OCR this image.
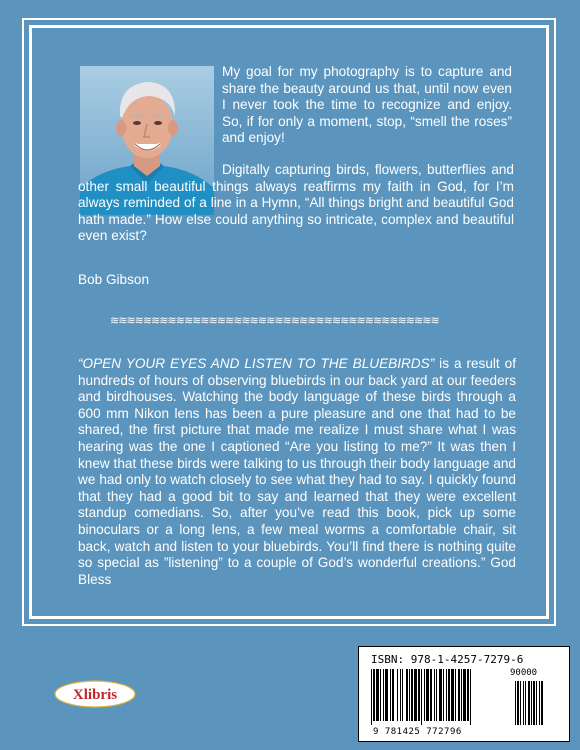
My goal for my photography is to capture and share the beauty around us that, until now even I never took the time to recognize and enjoy. So, if for only a moment, stop, “smell the roses” and enjoy!

Digitally capturing birds, flowers, butterflies and other small beautiful things always reaffirms my faith in God, for I’m always reminded of a line in a Hymn, “All things bright and beautiful God hath made.” How else could anything so intricate, complex and beautiful even exist?

Bob Gibson

≋≋≋≋≋≋≋≋≋≋≋≋≋≋≋≋≋≋≋≋≋≋≋≋≋≋≋≋≋≋≋≋≋≋≋≋≋≋≋≋

“OPEN YOUR EYES AND LISTEN TO THE BLUEBIRDS” is a result of hundreds of hours of observing bluebirds in our back yard at our feeders and birdhouses. Watching the body language of these birds through a 600 mm Nikon lens has been a pure pleasure and one that had to be shared, the first picture that made me realize I must share what I was hearing was the one I captioned “Are you listing to me?” It was then I knew that these birds were talking to us through their body language and we had only to watch closely to see what they had to say. I quickly found that they had a good bit to say and learned that they were excellent standup comedians. So, after you’ve read this book, pick up some binoculars or a long lens, a few meal worms a comfortable chair, sit back, watch and listen to your bluebirds. You’ll find there is nothing quite so special as ”listening” to a couple of God’s wonderful creations.” God Bless

ISBN: 978-1-4257-7279-6
90000
9 781425 772796
Xlibris
